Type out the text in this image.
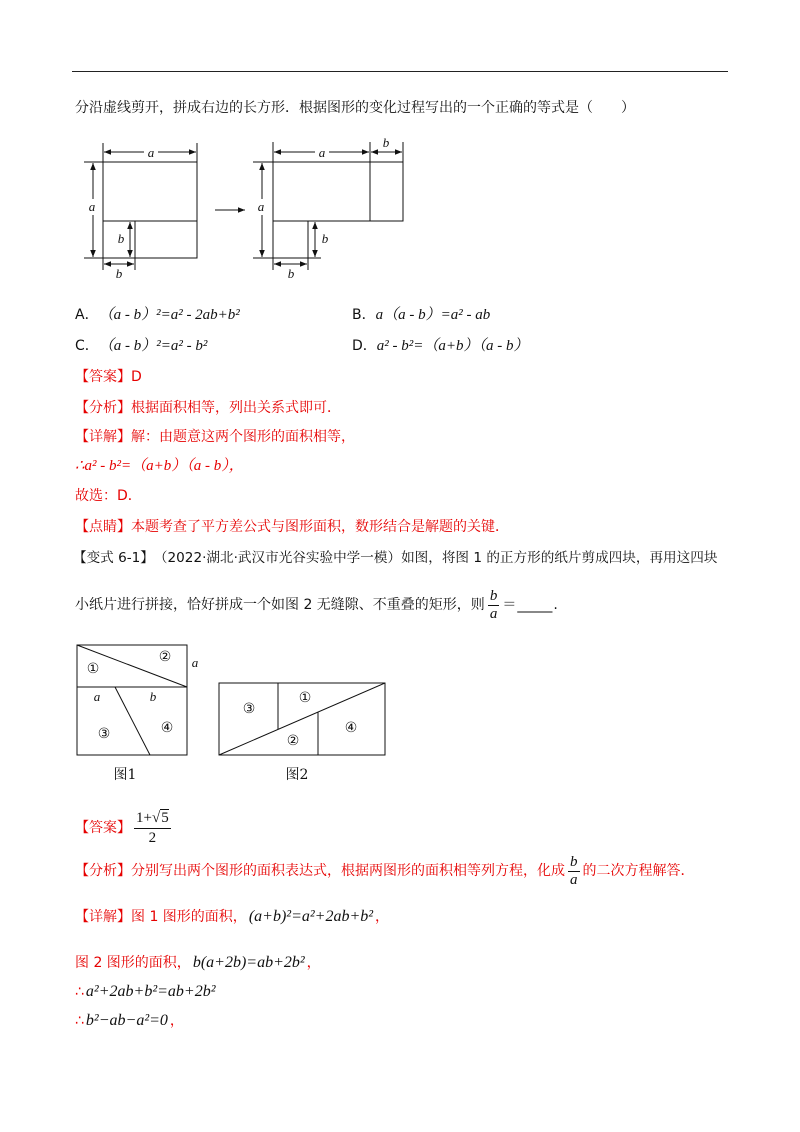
分沿虚线剪开，拼成右边的长方形．根据图形的变化过程写出的一个正确的等式是（　　）
a
a
b
b
a
b
a
b
b
A． （a - b）²=a² - 2ab+b²	B． a（a - b）=a² - ab
C． （a - b）²=a² - b²	D． a² - b²=（a+b）（a - b）
【答案】 D
【分析】 根据面积相等，列出关系式即可．
【详解】 解：由题意这两个图形的面积相等，
∴a² - b²=（a+b）（a - b），
故选：D．
【点睛】 本题考查了平方差公式与图形面积，数形结合是解题的关键．
【变式 6-1】 （2022·湖北·武汉市光谷实验中学一模） 如图，将图 1 的正方形的纸片剪成四块，再用这四块
小纸片进行拼接，恰好拼成一个如图 2 无缝隙、不重叠的矩形，则 $\frac{b}{a}$ ＝ _____ .
①
② a
a	b
③	④
图1
③
①
②
④
图2
【答案】 $\frac{1+√5}{2}$
【分析】 分别写出两个图形的面积表达式，根据两图形的面积相等列方程，化成 $\frac{b}{a}$ 的二次方程解答．
【详解】 图 1 图形的面积， (a+b)²=a²+2ab+b² ，
图 2 图形的面积， b(a+2b)=ab+2b² ，
∴ a²+2ab+b²=ab+2b²
∴ b²−ab−a²=0 ，
